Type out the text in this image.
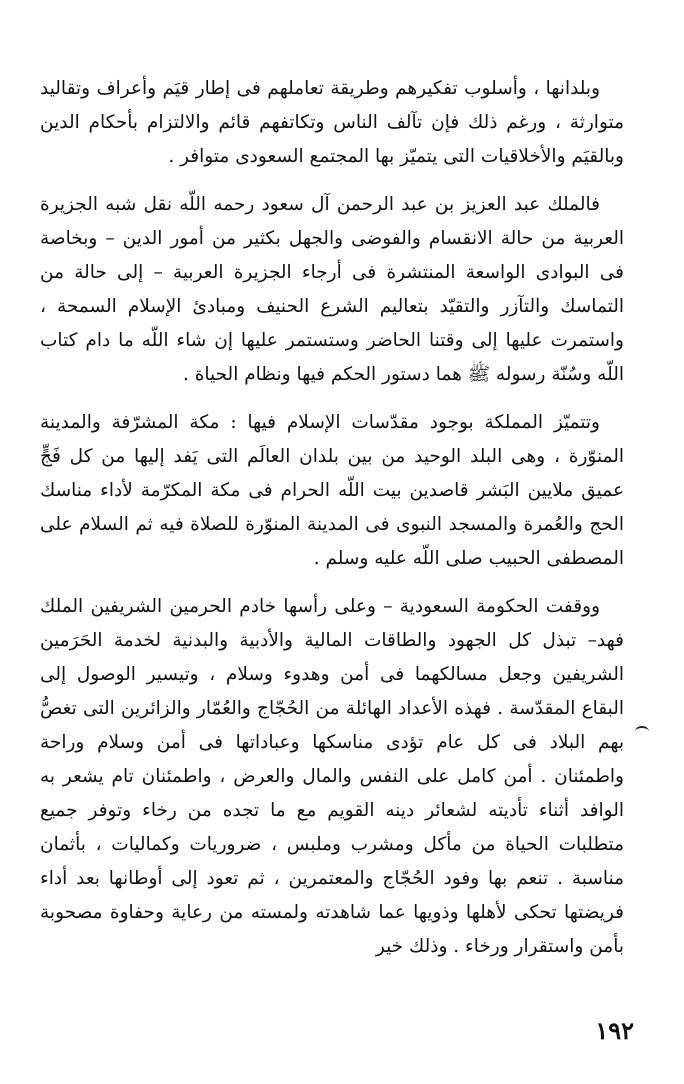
وبلدانها ، وأسلوب تفكيرهم وطريقة تعاملهم فى إطار قيَم وأعراف وتقاليد متوارثة ، ورغم ذلك فإن تآلف الناس وتكاتفهم قائم والالتزام بأحكام الدين وبالقيَم والأخلاقيات التى يتميّز بها المجتمع السعودى متوافر .

فالملك عبد العزيز بن عبد الرحمن آل سعود رحمه اللّه نقل شبه الجزيرة العربية من حالة الانقسام والفوضى والجهل بكثير من أمور الدين – وبخاصة فى البوادى الواسعة المنتشرة فى أرجاء الجزيرة العربية – إلى حالة من التماسك والتآزر والتقيّد بتعاليم الشرع الحنيف ومبادئ الإسلام السمحة ، واستمرت عليها إلى وقتنا الحاضر وستستمر عليها إن شاء اللّه ما دام كتاب اللّه وسُنّة رسوله ﷺ هما دستور الحكم فيها ونظام الحياة .

وتتميّز المملكة بوجود مقدّسات الإسلام فيها : مكة المشرّفة والمدينة المنوّرة ، وهى البلد الوحيد من بين بلدان العالَم التى يَفد إليها من كل فَجٍّ عميق ملايين البَشر قاصدين بيت اللّه الحرام فى مكة المكرّمة لأداء مناسك الحج والعُمرة والمسجد النبوى فى المدينة المنوّرة للصلاة فيه ثم السلام على المصطفى الحبيب صلى اللّه عليه وسلم .

ووقفت الحكومة السعودية – وعلى رأسها خادم الحرمين الشريفين الملك فهد– تبذل كل الجهود والطاقات المالية والأدبية والبدنية لخدمة الحَرَمين الشريفين وجعل مسالكهما فى أمن وهدوء وسلام ، وتيسير الوصول إلى البقاع المقدّسة . فهذه الأعداد الهائلة من الحُجّاج والعُمّار والزائرين التى تغصُّ بهم البلاد فى كل عام تؤدى مناسكها وعباداتها فى أمن وسلام وراحة واطمئنان . أمن كامل على النفس والمال والعرض ، واطمئنان تام يشعر به الوافد أثناء تأديته لشعائر دينه القويم مع ما تجده من رخاء وتوفر جميع متطلبات الحياة من مأكل ومشرب وملبس ، ضروريات وكماليات ، بأثمان مناسبة . تنعم بها وفود الحُجّاج والمعتمرين ، ثم تعود إلى أوطانها بعد أداء فريضتها تحكى لأهلها وذويها عما شاهدته ولمسته من رعاية وحفاوة مصحوبة بأمن واستقرار ورخاء . وذلك خير

١٩٢
